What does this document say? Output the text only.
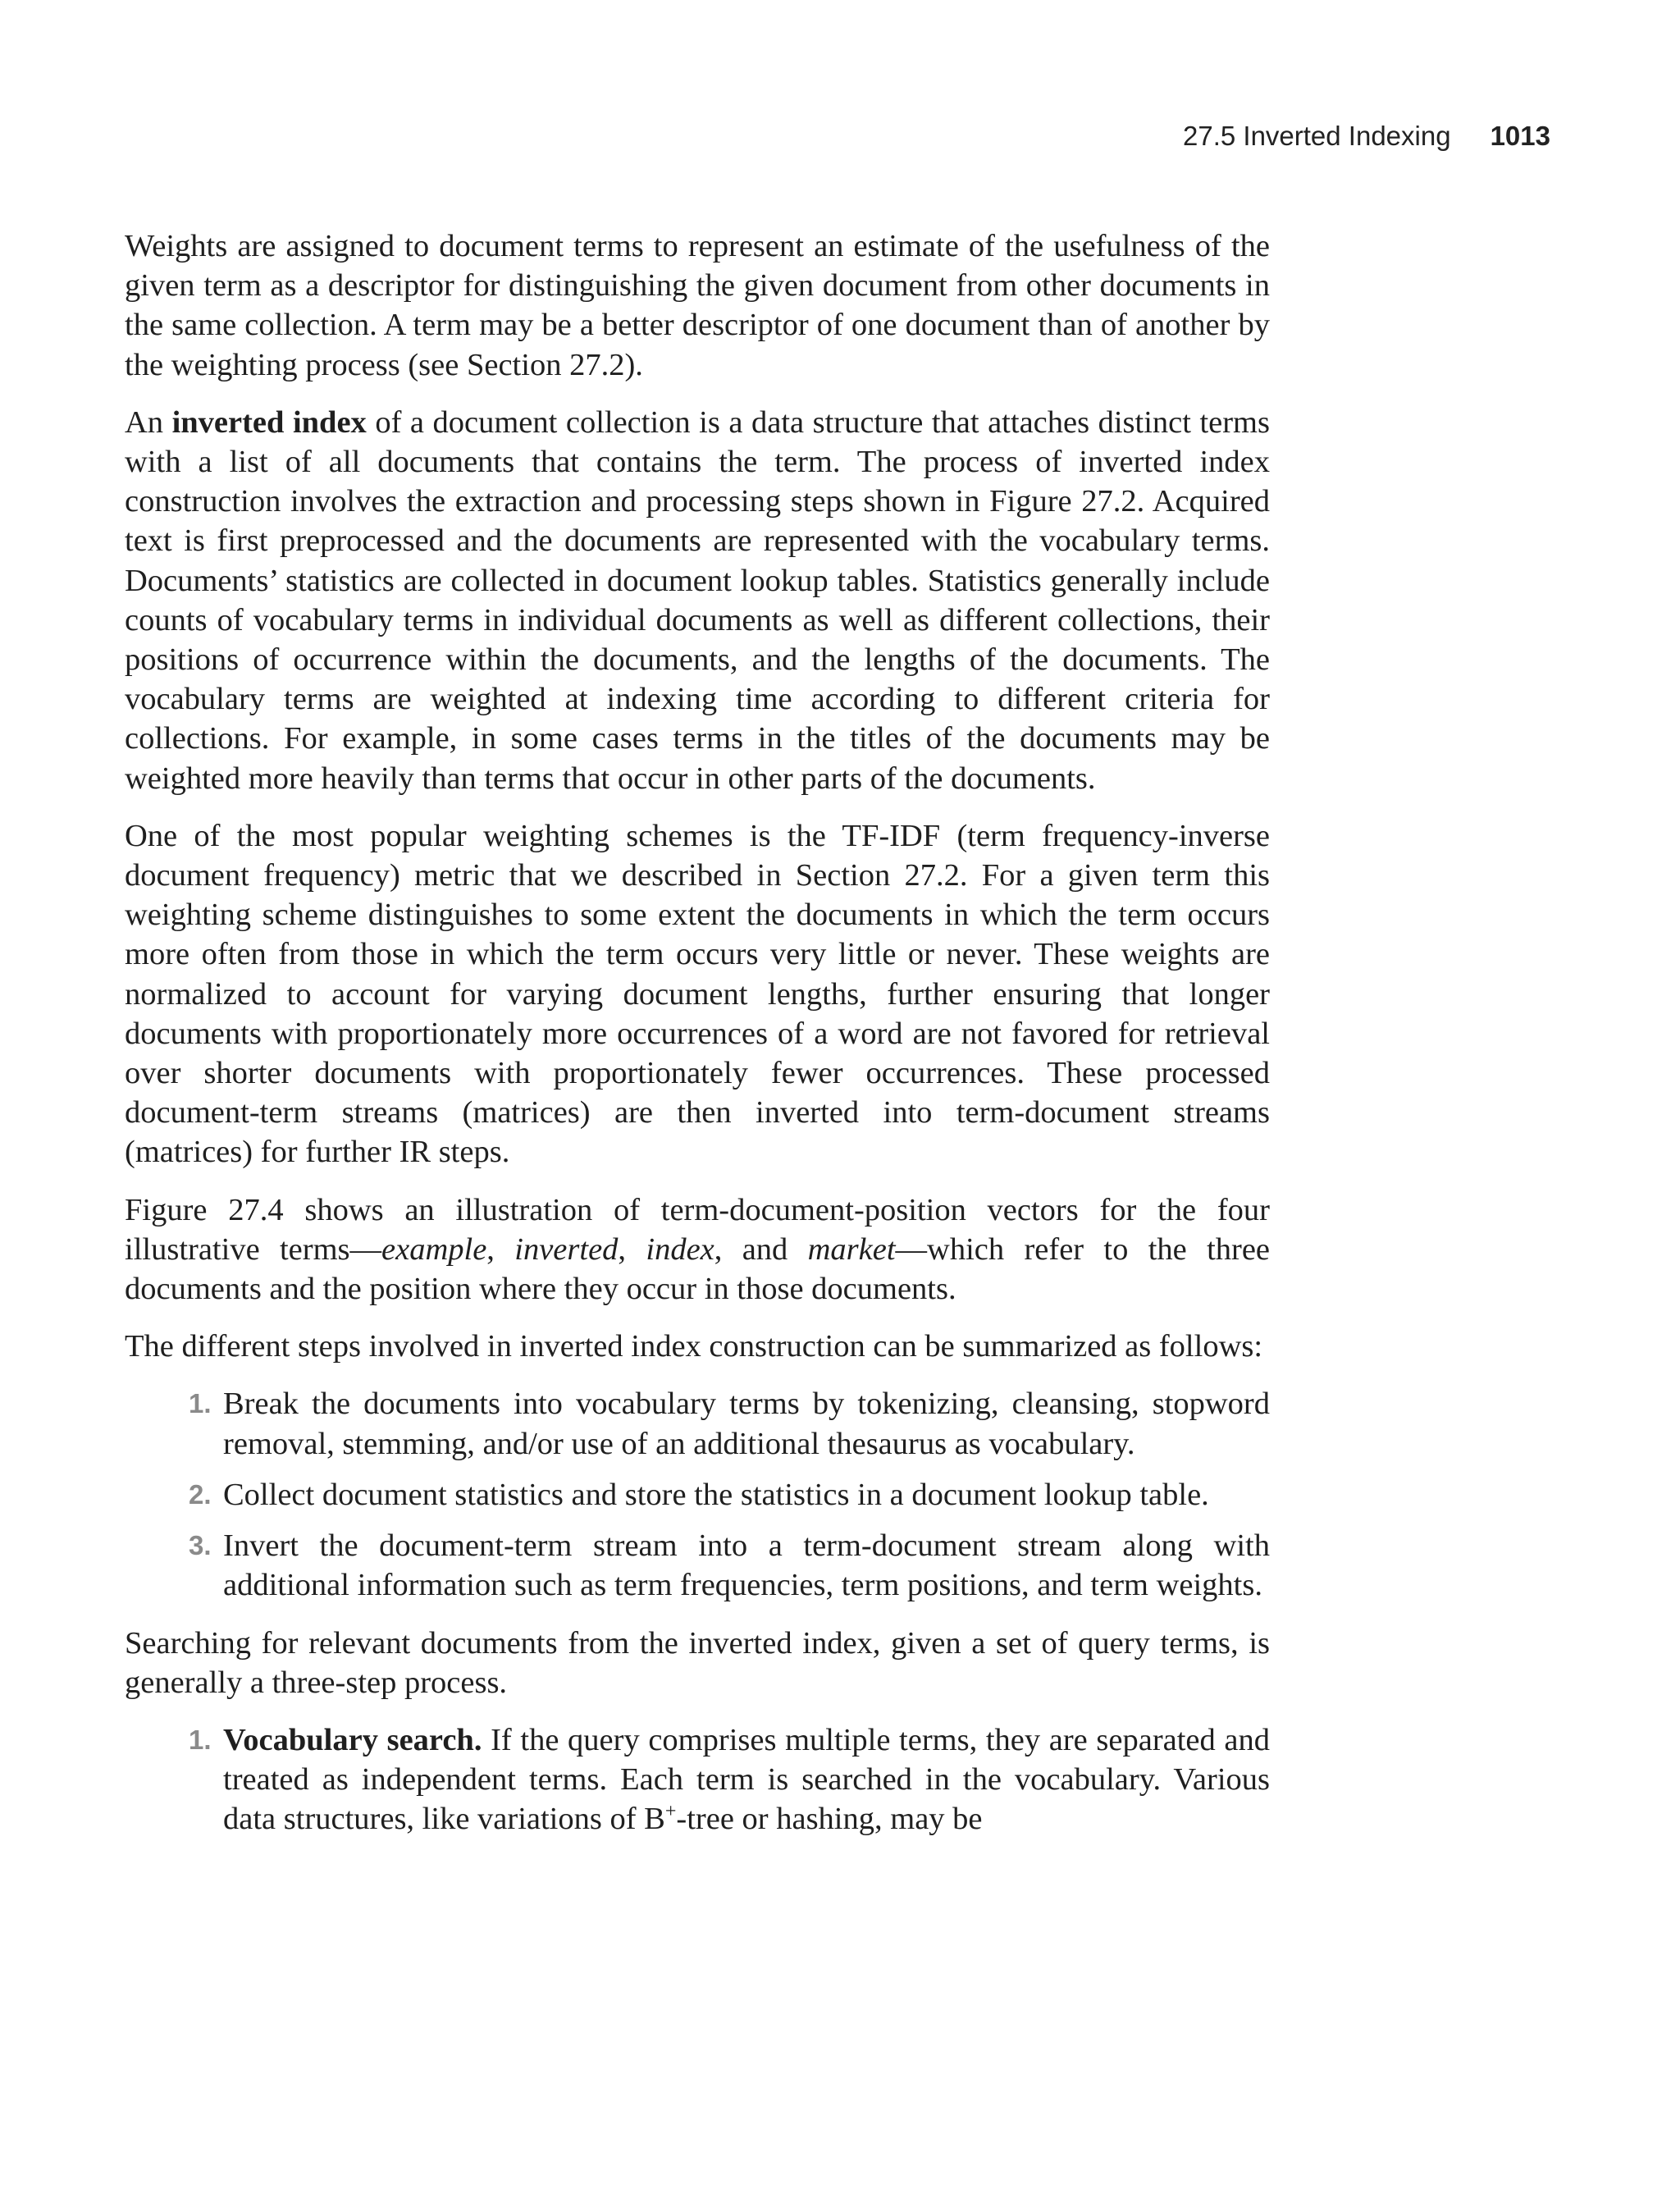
27.5 Inverted Indexing 1013

Weights are assigned to document terms to represent an estimate of the usefulness of the given term as a descriptor for distinguishing the given document from other documents in the same collection. A term may be a better descriptor of one document than of another by the weighting process (see Section 27.2).

An inverted index of a document collection is a data structure that attaches distinct terms with a list of all documents that contains the term. The process of inverted index construction involves the extraction and processing steps shown in Figure 27.2. Acquired text is first preprocessed and the documents are represented with the vocabulary terms. Documents’ statistics are collected in document lookup tables. Statistics generally include counts of vocabulary terms in individual documents as well as different collections, their positions of occurrence within the documents, and the lengths of the documents. The vocabulary terms are weighted at indexing time according to different criteria for collections. For example, in some cases terms in the titles of the documents may be weighted more heavily than terms that occur in other parts of the documents.

One of the most popular weighting schemes is the TF-IDF (term frequency-inverse document frequency) metric that we described in Section 27.2. For a given term this weighting scheme distinguishes to some extent the documents in which the term occurs more often from those in which the term occurs very little or never. These weights are normalized to account for varying document lengths, further ensuring that longer documents with proportionately more occurrences of a word are not favored for retrieval over shorter documents with proportionately fewer occurrences. These processed document-term streams (matrices) are then inverted into term-document streams (matrices) for further IR steps.

Figure 27.4 shows an illustration of term-document-position vectors for the four illustrative terms—example, inverted, index, and market—which refer to the three documents and the position where they occur in those documents.

The different steps involved in inverted index construction can be summarized as follows:

1. Break the documents into vocabulary terms by tokenizing, cleansing, stopword removal, stemming, and/or use of an additional thesaurus as vocabulary.
2. Collect document statistics and store the statistics in a document lookup table.
3. Invert the document-term stream into a term-document stream along with additional information such as term frequencies, term positions, and term weights.

Searching for relevant documents from the inverted index, given a set of query terms, is generally a three-step process.

1. Vocabulary search. If the query comprises multiple terms, they are separated and treated as independent terms. Each term is searched in the vocabulary. Various data structures, like variations of B+-tree or hashing, may be
